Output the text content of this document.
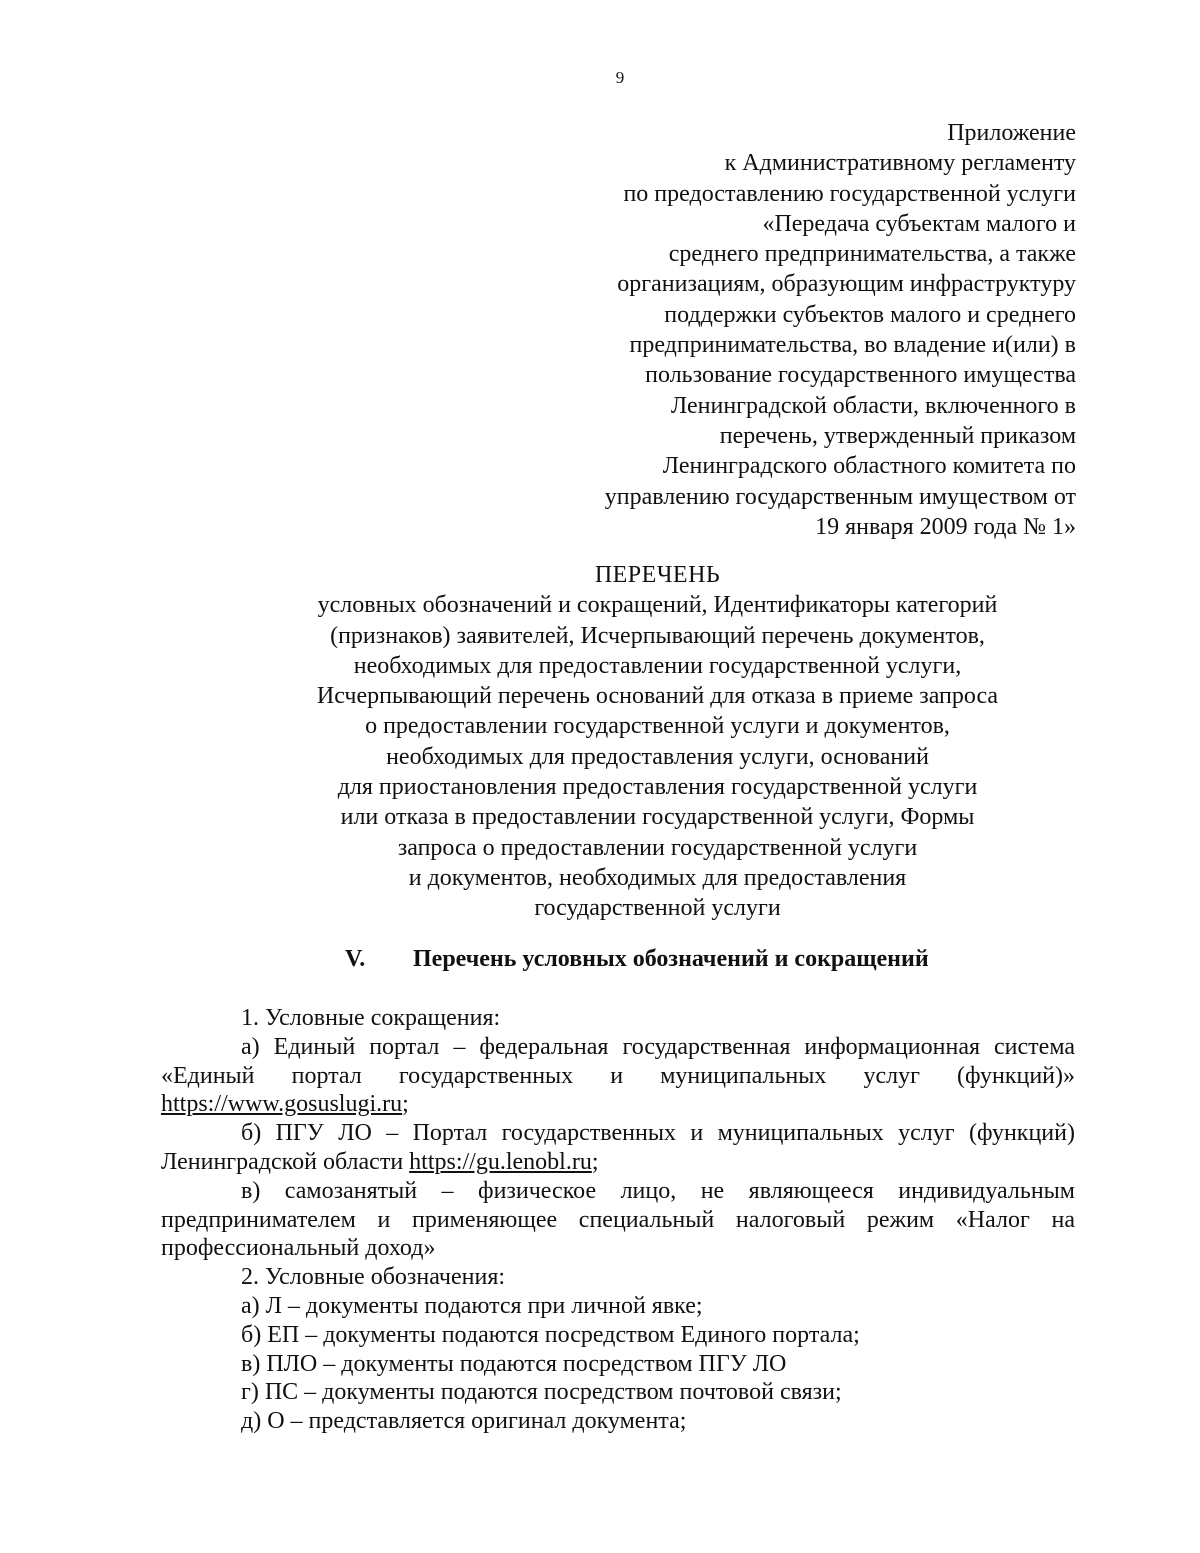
9
Приложение
к Административному регламенту
по предоставлению государственной услуги
«Передача субъектам малого и
среднего предпринимательства, а также
организациям, образующим инфраструктуру
поддержки субъектов малого и среднего
предпринимательства, во владение и(или) в
пользование государственного имущества
Ленинградской области, включенного в
перечень, утвержденный приказом
Ленинградского областного комитета по
управлению государственным имуществом от
19 января 2009 года № 1»
ПЕРЕЧЕНЬ
условных обозначений и сокращений, Идентификаторы категорий
(признаков) заявителей, Исчерпывающий перечень документов,
необходимых для предоставлении государственной услуги,
Исчерпывающий перечень оснований для отказа в приеме запроса
о предоставлении государственной услуги и документов,
необходимых для предоставления услуги, оснований
для приостановления предоставления государственной услуги
или отказа в предоставлении государственной услуги, Формы
запроса о предоставлении государственной услуги
и документов, необходимых для предоставления
государственной услуги
V. Перечень условных обозначений и сокращений

1. Условные сокращения:

а) Единый портал – федеральная государственная информационная система «Единый портал государственных и муниципальных услуг (функций)» https://www.gosuslugi.ru;

б) ПГУ ЛО – Портал государственных и муниципальных услуг (функций) Ленинградской области https://gu.lenobl.ru;

в) самозанятый – физическое лицо, не являющееся индивидуальным предпринимателем и применяющее специальный налоговый режим «Налог на профессиональный доход»

2. Условные обозначения:

а) Л – документы подаются при личной явке;

б) ЕП – документы подаются посредством Единого портала;

в) ПЛО – документы подаются посредством ПГУ ЛО

г) ПС – документы подаются посредством почтовой связи;

д) О – представляется оригинал документа;
